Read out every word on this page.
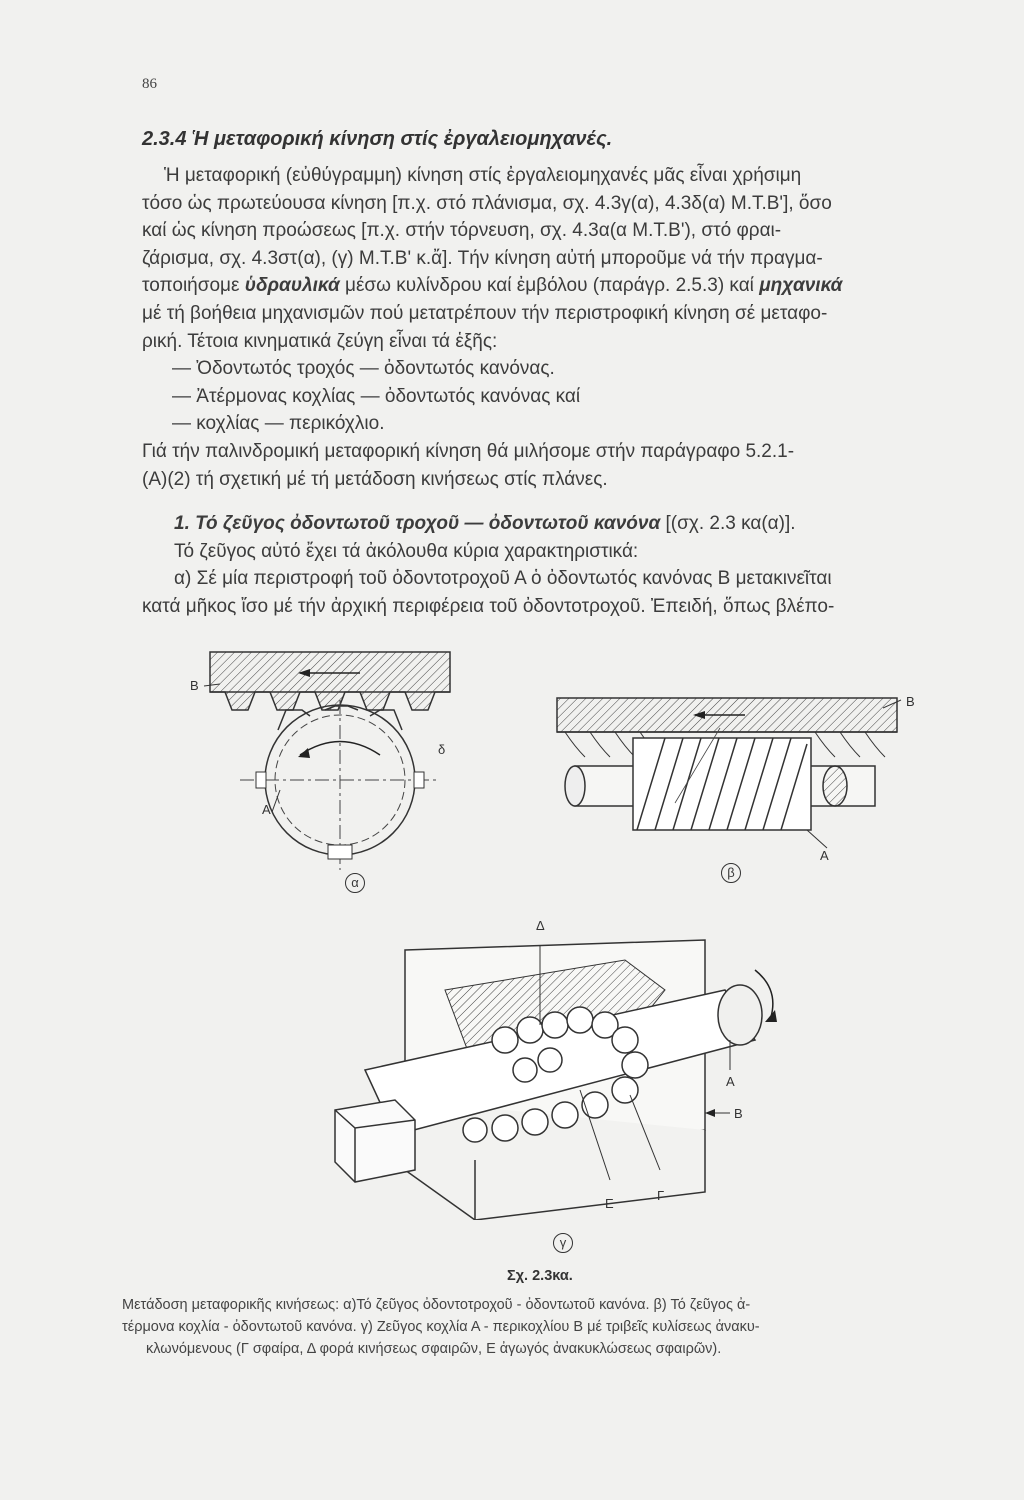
86
2.3.4 Ἡ μεταφορική κίνηση στίς ἐργαλειομηχανές.
Ἡ μεταφορική (εὐθύγραμμη) κίνηση στίς ἐργαλειομηχανές μᾶς εἶναι χρήσιμη
τόσο ὡς πρωτεύουσα κίνηση [π.χ. στό πλάνισμα, σχ. 4.3γ(α), 4.3δ(α) Μ.Τ.Β'], ὅσο
καί ὡς κίνηση προώσεως [π.χ. στήν τόρνευση, σχ. 4.3α(α Μ.Τ.Β'), στό φραι-
ζάρισμα, σχ. 4.3στ(α), (γ) Μ.Τ.Β' κ.ἄ]. Τήν κίνηση αὐτή μποροῦμε νά τήν πραγμα-
τοποιήσομε ὑδραυλικά μέσω κυλίνδρου καί ἐμβόλου (παράγρ. 2.5.3) καί μηχανικά
μέ τή βοήθεια μηχανισμῶν πού μετατρέπουν τήν περιστροφική κίνηση σέ μεταφο-
ρική. Τέτοια κινηματικά ζεύγη εἶναι τά ἑξῆς:
— Ὀδοντωτός τροχός — ὀδοντωτός κανόνας.
— Ἀτέρμονας κοχλίας — ὀδοντωτός κανόνας καί
— κοχλίας — περικόχλιο.
Γιά τήν παλινδρομική μεταφορική κίνηση θά μιλήσομε στήν παράγραφο 5.2.1-
(Α)(2) τή σχετική μέ τή μετάδοση κινήσεως στίς πλάνες.
1. Τό ζεῦγος ὀδοντωτοῦ τροχοῦ — ὀδοντωτοῦ κανόνα [(σχ. 2.3 κα(α)].
Τό ζεῦγος αὐτό ἔχει τά ἀκόλουθα κύρια χαρακτηριστικά:
α) Σέ μία περιστροφή τοῦ ὀδοντοτροχοῦ Α ὁ ὀδοντωτός κανόνας Β μετακινεῖται
κατά μῆκος ἴσο μέ τήν ἀρχική περιφέρεια τοῦ ὀδοντοτροχοῦ. Ἐπειδή, ὅπως βλέπο-
B
A
δ
α
B
A
β
Δ
A
B
E
Γ
γ
Σχ. 2.3κα.
Μετάδοση μεταφορικῆς κινήσεως: α)Τό ζεῦγος ὀδοντοτροχοῦ - ὀδοντωτοῦ κανόνα. β) Τό ζεῦγος ἀ-
τέρμονα κοχλία - ὀδοντωτοῦ κανόνα. γ) Ζεῦγος κοχλία Α - περικοχλίου Β μέ τριβεῖς κυλίσεως ἀνακυ-
κλωνόμενους (Γ σφαίρα, Δ φορά κινήσεως σφαιρῶν, Ε ἀγωγός ἀνακυκλώσεως σφαιρῶν).
